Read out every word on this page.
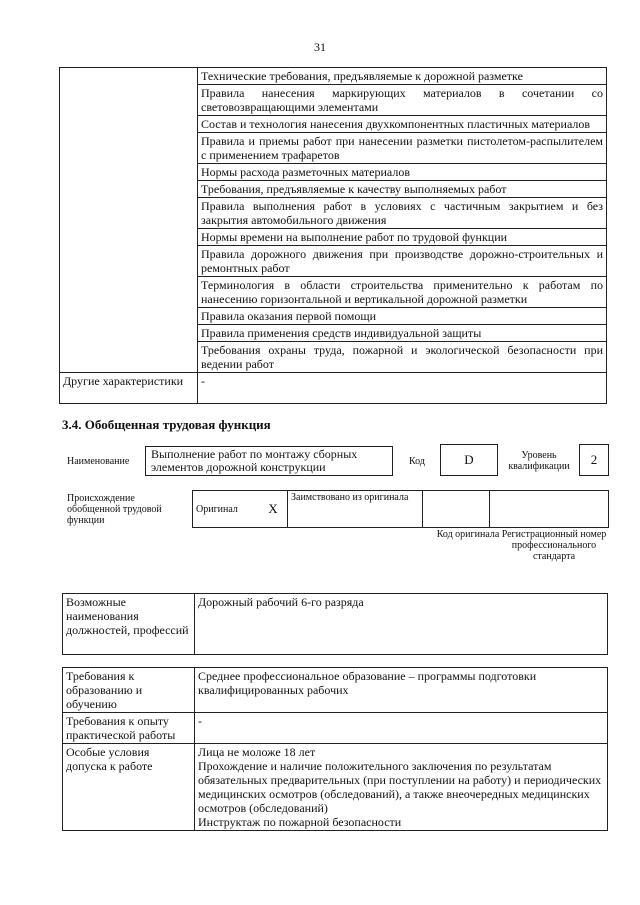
31
	Технические требования, предъявляемые к дорожной разметке
	Правила нанесения маркирующих материалов в сочетании со световозвращающими элементами
	Состав и технология нанесения двухкомпонентных пластичных материалов
	Правила и приемы работ при нанесении разметки пистолетом-распылителем с применением трафаретов
	Нормы расхода разметочных материалов
	Требования, предъявляемые к качеству выполняемых работ
	Правила выполнения работ в условиях с частичным закрытием и без закрытия автомобильного движения
	Нормы времени на выполнение работ по трудовой функции
	Правила дорожного движения при производстве дорожно-строительных и ремонтных работ
	Терминология в области строительства применительно к работам по нанесению горизонтальной и вертикальной дорожной разметки
	Правила оказания первой помощи
	Правила применения средств индивидуальной защиты
	Требования охраны труда, пожарной и экологической безопасности при ведении работ
Другие характеристики	-
3.4. Обобщенная трудовая функция
Наименование
Выполнение работ по монтажу сборных элементов дорожной конструкции	Код	D	Уровень квалификации	2
Происхождение обобщенной трудовой функции
Оригинал	X	Заимствовано из оригинала		
Код оригинала Регистрационный номер профессионального стандарта
Возможные наименования должностей, профессий	Дорожный рабочий 6-го разряда
Требования к образованию и обучению	Среднее профессиональное образование – программы подготовки квалифицированных рабочих
Требования к опыту практической работы	-
Особые условия допуска к работе	Лица не моложе 18 лет
Прохождение и наличие положительного заключения по результатам обязательных предварительных (при поступлении на работу) и периодических медицинских осмотров (обследований), а также внеочередных медицинских осмотров (обследований)
Инструктаж по пожарной безопасности
